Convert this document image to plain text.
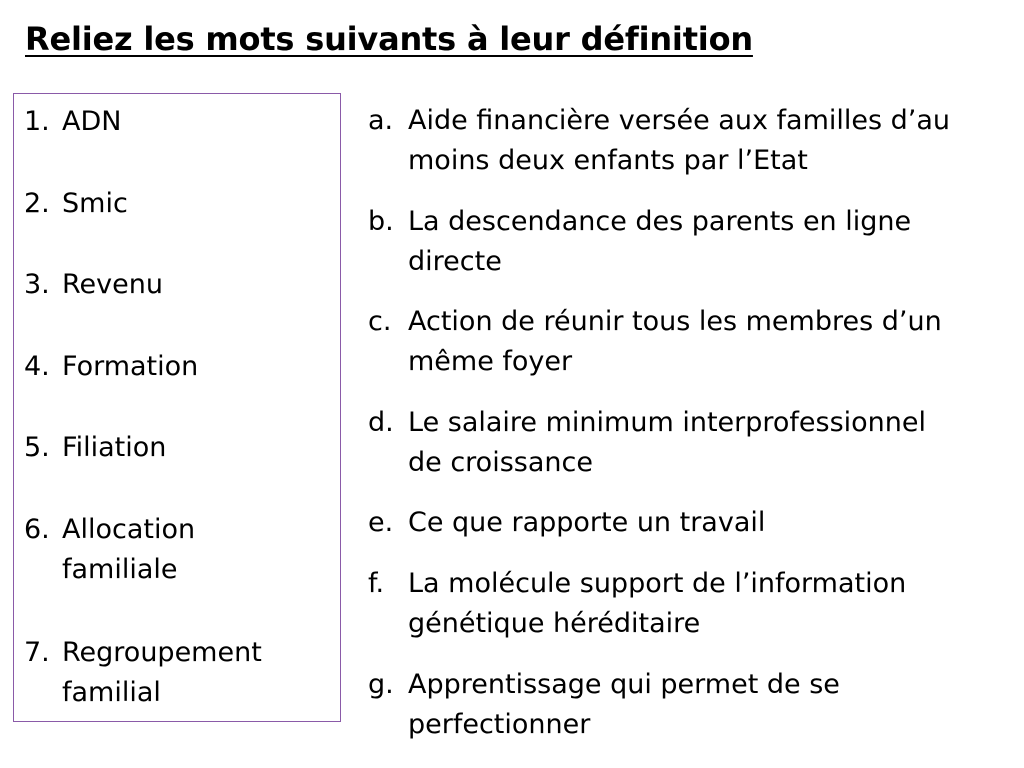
Reliez les mots suivants à leur définition
1. ADN
2. Smic
3. Revenu
4. Formation
5. Filiation
6. Allocation familiale
7. Regroupement familial
a. Aide financière versée aux familles d’au moins deux enfants par l’Etat
b. La descendance des parents en ligne directe
c. Action de réunir tous les membres d’un même foyer
d. Le salaire minimum interprofessionnel de croissance
e. Ce que rapporte un travail
f. La molécule support de l’information génétique héréditaire
g. Apprentissage qui permet de se perfectionner
